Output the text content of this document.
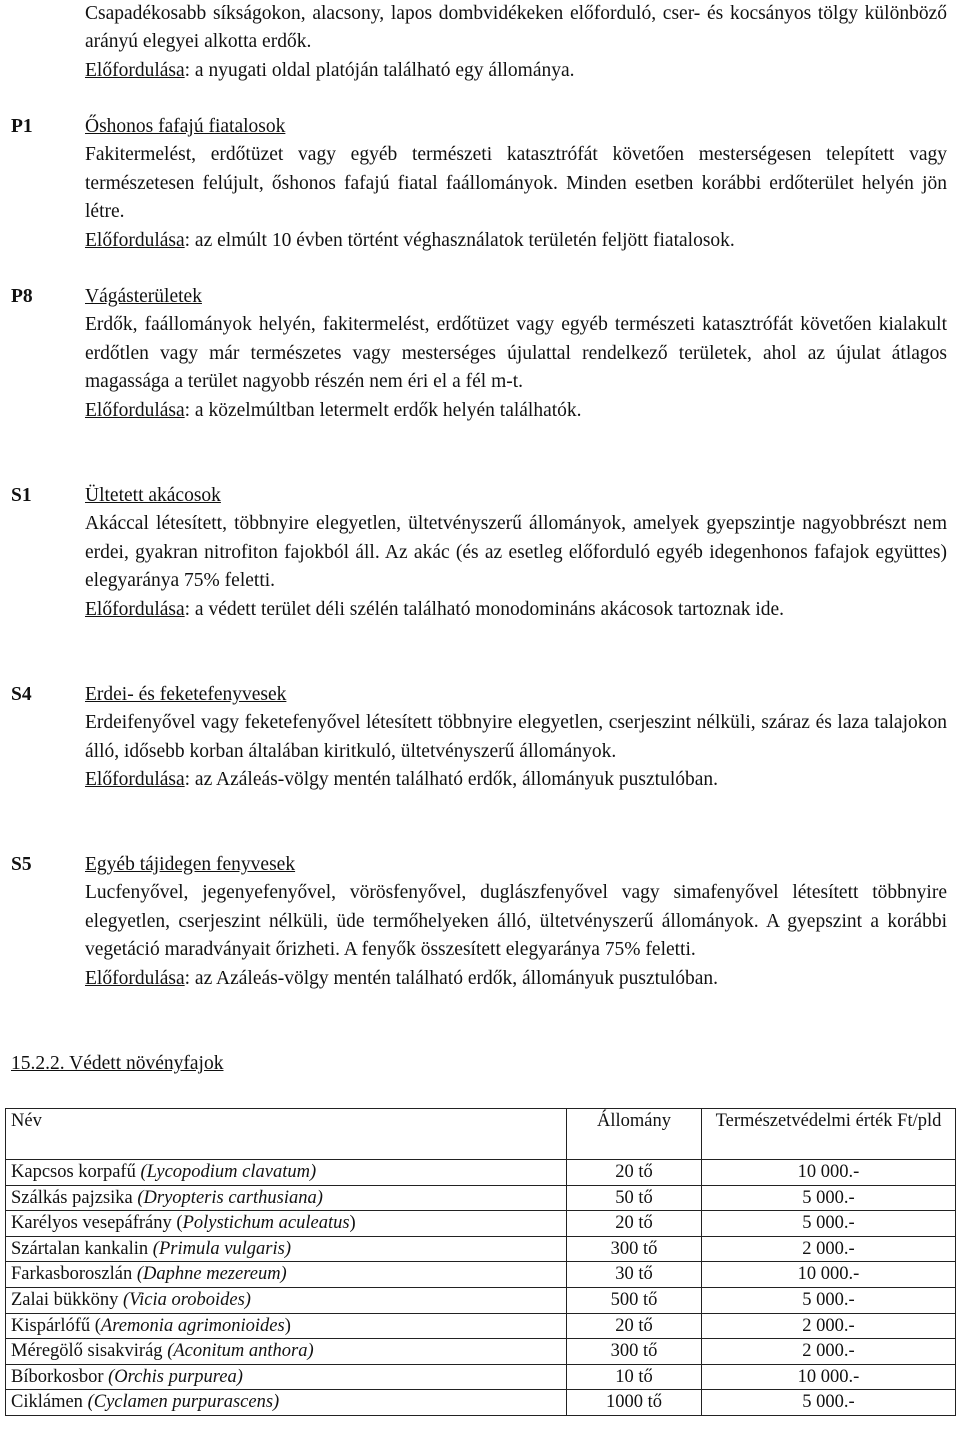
Csapadékosabb síkságokon, alacsony, lapos dombvidékeken előforduló, cser- és kocsányos tölgy különböző arányú elegyei alkotta erdők.
Előfordulása: a nyugati oldal platóján található egy állománya.

P1	Őshonos fafajú fiatalosok
Fakitermelést, erdőtüzet vagy egyéb természeti katasztrófát követően mesterségesen telepített vagy természetesen felújult, őshonos fafajú fiatal faállományok. Minden esetben korábbi erdőterület helyén jön létre.
Előfordulása: az elmúlt 10 évben történt véghasználatok területén feljött fiatalosok.

P8	Vágásterületek
Erdők, faállományok helyén, fakitermelést, erdőtüzet vagy egyéb természeti katasztrófát követően kialakult erdőtlen vagy már természetes vagy mesterséges újulattal rendelkező területek, ahol az újulat átlagos magassága a terület nagyobb részén nem éri el a fél m-t.
Előfordulása: a közelmúltban letermelt erdők helyén találhatók.

S1	Ültetett akácosok
Akáccal létesített, többnyire elegyetlen, ültetvényszerű állományok, amelyek gyepszintje nagyobbrészt nem erdei, gyakran nitrofiton fajokból áll. Az akác (és az esetleg előforduló egyéb idegenhonos fafajok együttes) elegyaránya 75% feletti.
Előfordulása: a védett terület déli szélén található monodomináns akácosok tartoznak ide.

S4	Erdei- és feketefenyvesek
Erdeifenyővel vagy feketefenyővel létesített többnyire elegyetlen, cserjeszint nélküli, száraz és laza talajokon álló, idősebb korban általában kiritkuló, ültetvényszerű állományok.
Előfordulása: az Azáleás-völgy mentén található erdők, állományuk pusztulóban.

S5	Egyéb tájidegen fenyvesek
Lucfenyővel, jegenyefenyővel, vörösfenyővel, duglászfenyővel vagy simafenyővel létesített többnyire elegyetlen, cserjeszint nélküli, üde termőhelyeken álló, ültetvényszerű állományok. A gyepszint a korábbi vegetáció maradványait őrizheti. A fenyők összesített elegyaránya 75% feletti.
Előfordulása: az Azáleás-völgy mentén található erdők, állományuk pusztulóban.

15.2.2. Védett növényfajok
Név	Állomány	Természetvédelmi érték Ft/pld
Kapcsos korpafű (Lycopodium clavatum)	20 tő	10 000.-
Szálkás pajzsika (Dryopteris carthusiana)	50 tő	5 000.-
Karélyos vesepáfrány (Polystichum aculeatus)	20 tő	5 000.-
Szártalan kankalin (Primula vulgaris)	300 tő	2 000.-
Farkasboroszlán (Daphne mezereum)	30 tő	10 000.-
Zalai bükköny (Vicia oroboides)	500 tő	5 000.-
Kispárlófű (Aremonia agrimonioides)	20 tő	2 000.-
Méregölő sisakvirág (Aconitum anthora)	300 tő	2 000.-
Bíborkosbor (Orchis purpurea)	10 tő	10 000.-
Ciklámen (Cyclamen purpurascens)	1000 tő	5 000.-
